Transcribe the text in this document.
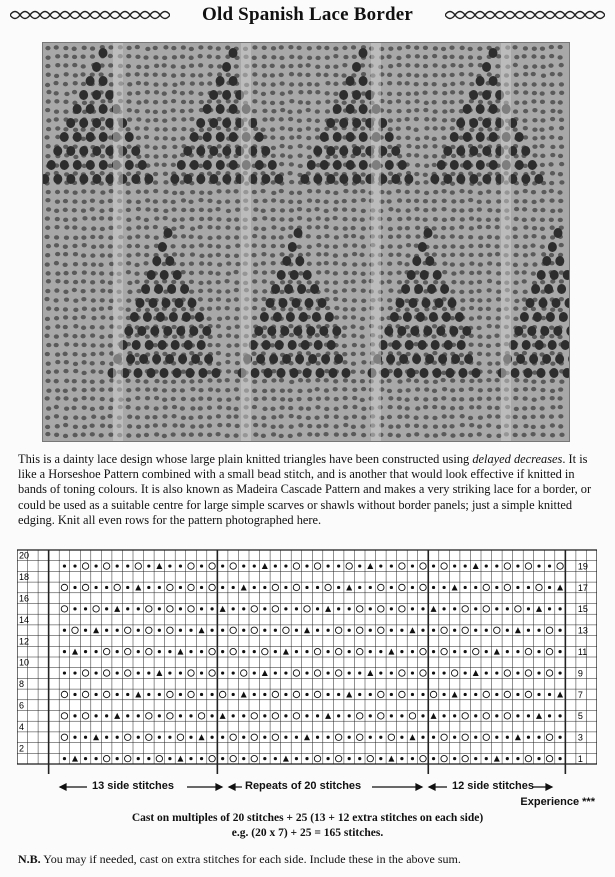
Old Spanish Lace Border
This is a dainty lace design whose large plain knitted triangles have been constructed using delayed decreases. It is like a Horseshoe Pattern combined with a small bead stitch, and is another that would look effective if knitted in bands of toning colours. It is also known as Madeira Cascade Pattern and makes a very striking lace for a border, or could be used as a suitable centre for large simple scarves or shawls without border panels; just a simple knitted edging. Knit all even rows for the pattern photographed here.
20
18
16
14
12
10
8
6
4
2
19
17
15
13
11
9
7
5
3
1
13 side stitches	Repeats of 20 stitches	12 side stitches
Experience ***
Cast on multiples of 20 stitches + 25 (13 + 12 extra stitches on each side)
e.g. (20 x 7) + 25 = 165 stitches.
N.B. You may if needed, cast on extra stitches for each side. Include these in the above sum.
